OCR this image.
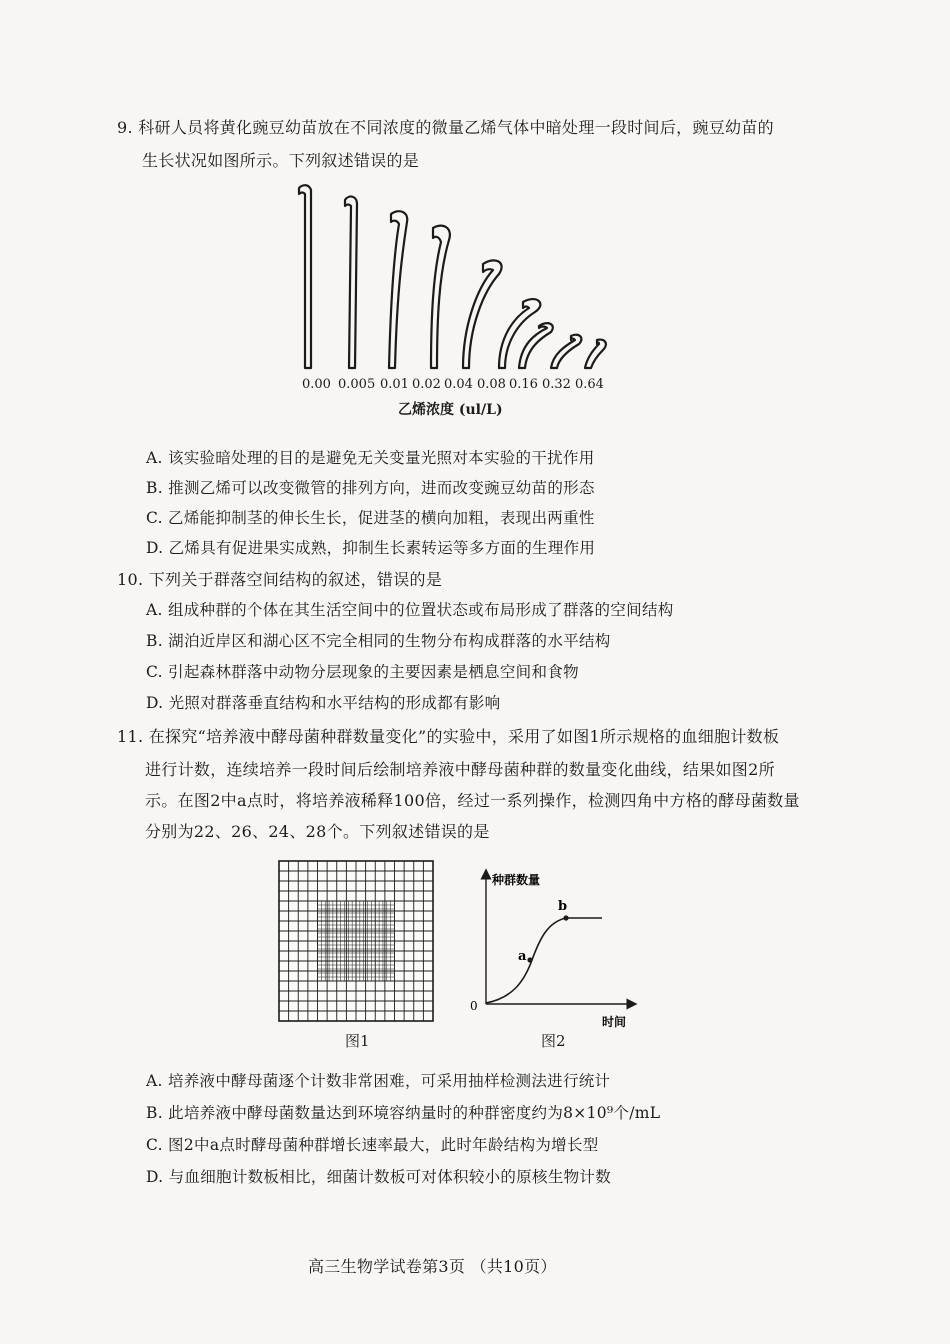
9. 科研人员将黄化豌豆幼苗放在不同浓度的微量乙烯气体中暗处理一段时间后，豌豆幼苗的
生长状况如图所示。下列叙述错误的是
0.00 0.005 0.01 0.02 0.04 0.08 0.16 0.32 0.64
乙烯浓度 (ul/L)
A. 该实验暗处理的目的是避免无关变量光照对本实验的干扰作用
B. 推测乙烯可以改变微管的排列方向，进而改变豌豆幼苗的形态
C. 乙烯能抑制茎的伸长生长，促进茎的横向加粗，表现出两重性
D. 乙烯具有促进果实成熟，抑制生长素转运等多方面的生理作用
10. 下列关于群落空间结构的叙述，错误的是
A. 组成种群的个体在其生活空间中的位置状态或布局形成了群落的空间结构
B. 湖泊近岸区和湖心区不完全相同的生物分布构成群落的水平结构
C. 引起森林群落中动物分层现象的主要因素是栖息空间和食物
D. 光照对群落垂直结构和水平结构的形成都有影响
11. 在探究“培养液中酵母菌种群数量变化”的实验中，采用了如图1所示规格的血细胞计数板
进行计数，连续培养一段时间后绘制培养液中酵母菌种群的数量变化曲线，结果如图2所
示。在图2中a点时，将培养液稀释100倍，经过一系列操作，检测四角中方格的酵母菌数量
分别为22、26、24、28个。下列叙述错误的是
图1
a
b
0
种群数量
时间
图2
A. 培养液中酵母菌逐个计数非常困难，可采用抽样检测法进行统计
B. 此培养液中酵母菌数量达到环境容纳量时的种群密度约为8×10⁹个/mL
C. 图2中a点时酵母菌种群增长速率最大，此时年龄结构为增长型
D. 与血细胞计数板相比，细菌计数板可对体积较小的原核生物计数
高三生物学试卷第3页 （共10页）
